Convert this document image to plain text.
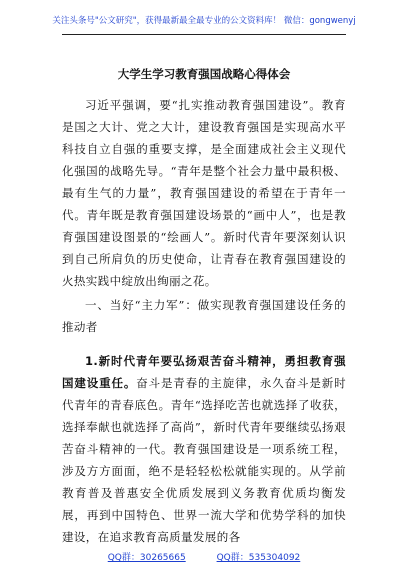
关注头条号"公文研究"，获得最新最全最专业的公文资料库！ 微信：gongwenyj
大学生学习教育强国战略心得体会

习近平强调，要“扎实推动教育强国建设”。教育是国之大计、党之大计，建设教育强国是实现高水平科技自立自强的重要支撑，是全面建成社会主义现代化强国的战略先导。“青年是整个社会力量中最积极、最有生气的力量”，教育强国建设的希望在于青年一代。青年既是教育强国建设场景的“画中人”，也是教育强国建设图景的“绘画人”。新时代青年要深刻认识到自己所肩负的历史使命，让青春在教育强国建设的火热实践中绽放出绚丽之花。

一、当好“主力军”：做实现教育强国建设任务的推动者

1.新时代青年要弘扬艰苦奋斗精神，勇担教育强国建设重任。奋斗是青春的主旋律，永久奋斗是新时代青年的青春底色。青年“选择吃苦也就选择了收获，选择奉献也就选择了高尚”，新时代青年要继续弘扬艰苦奋斗精神的一代。教育强国建设是一项系统工程，涉及方方面面，绝不是轻轻松松就能实现的。从学前教育普及普惠安全优质发展到义务教育优质均衡发展，再到中国特色、世界一流大学和优势学科的加快建设，在追求教育高质量发展的各

QQ群：30265665	QQ群：535304092
